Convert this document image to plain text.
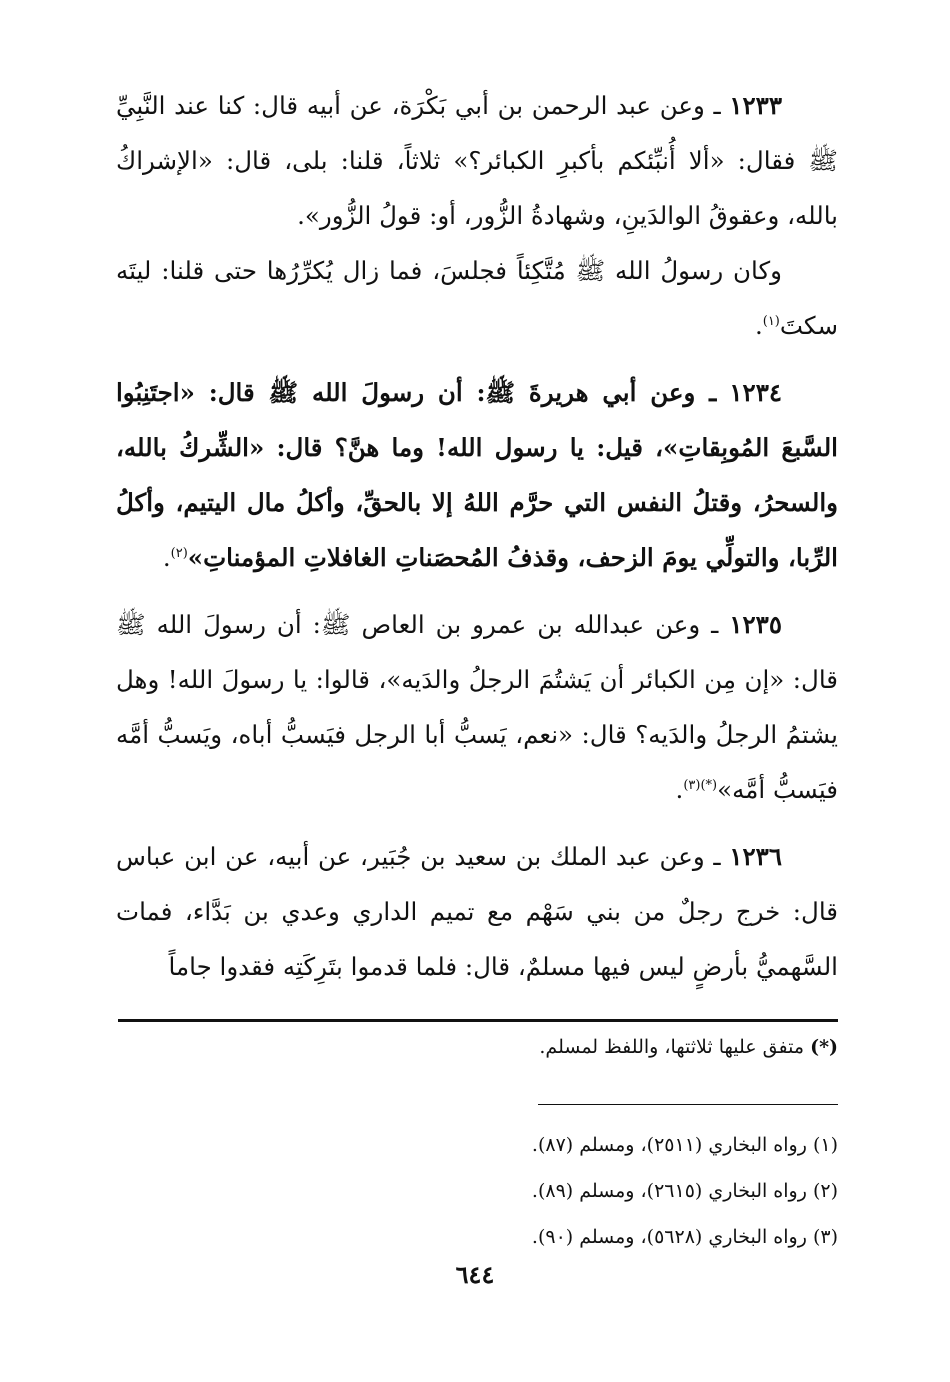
١٢٣٣ ـ وعن عبد الرحمن بن أبي بَكْرَة، عن أبيه قال: كنا عند النَّبِيِّ ﷺ فقال: «ألا أُنبِّئكم بأكبرِ الكبائر؟» ثلاثاً، قلنا: بلى، قال: «الإشراكُ بالله، وعقوقُ الوالدَينِ، وشهادةُ الزُّور، أو: قولُ الزُّور».

وكان رسولُ الله ﷺ مُتَّكِئاً فجلسَ، فما زال يُكرِّرُها حتى قلنا: ليتَه سكتَ$^{(١)}$.

١٢٣٤ ـ وعن أبي هريرةَ ﷺ: أن رسولَ الله ﷺ قال: «اجتَنِبُوا السَّبعَ المُوبِقاتِ»، قيل: يا رسول الله! وما هنَّ؟ قال: «الشِّركُ بالله، والسحرُ، وقتلُ النفس التي حرَّم اللهُ إلا بالحقِّ، وأكلُ مال اليتيم، وأكلُ الرِّبا، والتولِّي يومَ الزحف، وقذفُ المُحصَناتِ الغافلاتِ المؤمناتِ»$^{(٢)}$.

١٢٣٥ ـ وعن عبدالله بن عمرو بن العاص ﷺ: أن رسولَ الله ﷺ قال: «إن مِن الكبائر أن يَشتُمَ الرجلُ والدَيه»، قالوا: يا رسولَ الله! وهل يشتمُ الرجلُ والدَيه؟ قال: «نعم، يَسبُّ أبا الرجل فيَسبُّ أباه، ويَسبُّ أمَّه فيَسبُّ أمَّه»$^{(*)(٣)}$.

١٢٣٦ ـ وعن عبد الملك بن سعيد بن جُبَير، عن أبيه، عن ابن عباس قال: خرج رجلٌ من بني سَهْم مع تميم الداري وعدي بن بَدَّاء، فمات السَّهميُّ بأرضٍ ليس فيها مسلمٌ، قال: فلما قدموا بتَرِكَتِه فقدوا جاماً

(*) متفق عليها ثلاثتها، واللفظ لمسلم.

(١) رواه البخاري (٢٥١١)، ومسلم (٨٧).

(٢) رواه البخاري (٢٦١٥)، ومسلم (٨٩).

(٣) رواه البخاري (٥٦٢٨)، ومسلم (٩٠).

٦٤٤
